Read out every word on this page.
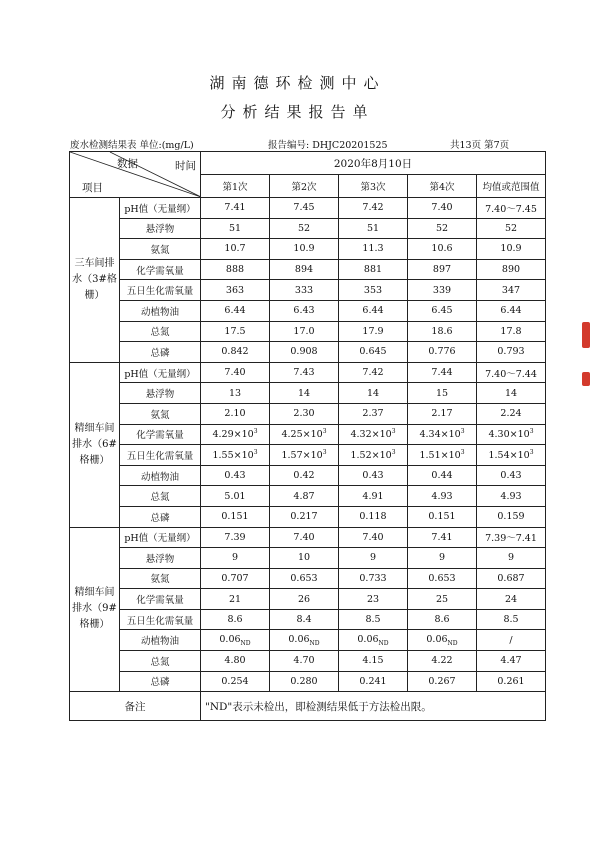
湖南德环检测中心
分析结果报告单
废水检测结果表 单位:(mg/L)	报告编号: DHJC20201525	共13页 第7页
数据 时间
项目		2020年8月10日				
		第1次	第2次	第3次	第4次	均值或范围值
三车间排水（3#格栅）	pH值（无量纲）	7.41	7.45	7.42	7.40	7.40～7.45
	悬浮物	51	52	51	52	52
	氨氮	10.7	10.9	11.3	10.6	10.9
	化学需氧量	888	894	881	897	890
	五日生化需氧量	363	333	353	339	347
	动植物油	6.44	6.43	6.44	6.45	6.44
	总氮	17.5	17.0	17.9	18.6	17.8
	总磷	0.842	0.908	0.645	0.776	0.793
精细车间排水（6#格栅）	pH值（无量纲）	7.40	7.43	7.42	7.44	7.40～7.44
	悬浮物	13	14	14	15	14
	氨氮	2.10	2.30	2.37	2.17	2.24
	化学需氧量	$4.29\times 10^3$	$4.25\times 10^3$	$4.32\times 10^3$	$4.34\times 10^3$	$4.30\times 10^3$
	五日生化需氧量	$1.55\times 10^3$	$1.57\times 10^3$	$1.52\times 10^3$	$1.51\times 10^3$	$1.54\times 10^3$
	动植物油	0.43	0.42	0.43	0.44	0.43
	总氮	5.01	4.87	4.91	4.93	4.93
	总磷	0.151	0.217	0.118	0.151	0.159
精细车间排水（9#格栅）	pH值（无量纲）	7.39	7.40	7.40	7.41	7.39～7.41
	悬浮物	9	10	9	9	9
	氨氮	0.707	0.653	0.733	0.653	0.687
	化学需氧量	21	26	23	25	24
	五日生化需氧量	8.6	8.4	8.5	8.6	8.5
	动植物油	$0.06_{ND}$	$0.06_{ND}$	$0.06_{ND}$	$0.06_{ND}$	/
	总氮	4.80	4.70	4.15	4.22	4.47
	总磷	0.254	0.280	0.241	0.267	0.261
备注		"ND"表示未检出，即检测结果低于方法检出限。				
